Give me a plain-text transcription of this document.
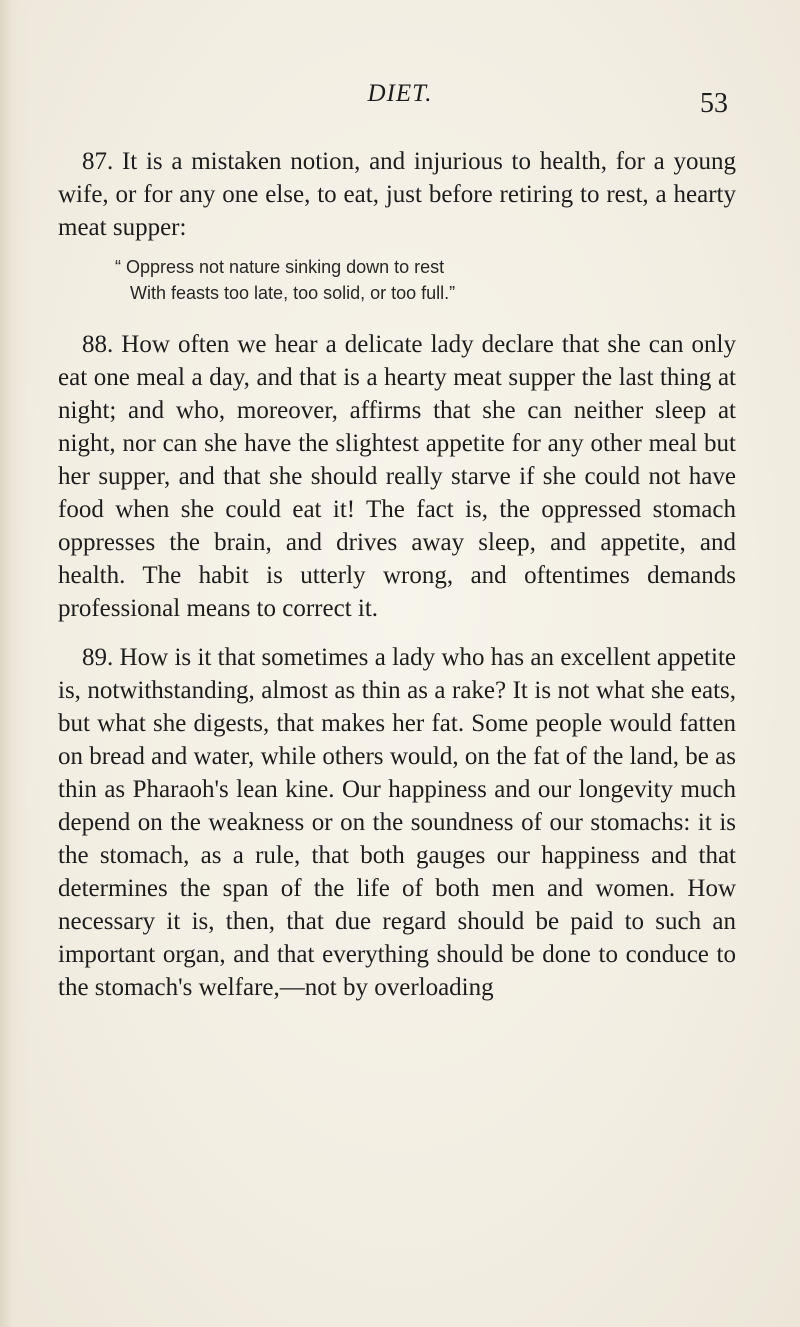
DIET.	53

87. It is a mistaken notion, and injurious to health, for a young wife, or for any one else, to eat, just before retiring to rest, a hearty meat supper:

“ Oppress not nature sinking down to rest
With feasts too late, too solid, or too full.”

88. How often we hear a delicate lady declare that she can only eat one meal a day, and that is a hearty meat supper the last thing at night; and who, moreover, affirms that she can neither sleep at night, nor can she have the slightest appetite for any other meal but her supper, and that she should really starve if she could not have food when she could eat it! The fact is, the oppressed stomach oppresses the brain, and drives away sleep, and appetite, and health. The habit is utterly wrong, and oftentimes demands professional means to correct it.

89. How is it that sometimes a lady who has an excellent appetite is, notwithstanding, almost as thin as a rake? It is not what she eats, but what she digests, that makes her fat. Some people would fatten on bread and water, while others would, on the fat of the land, be as thin as Pharaoh's lean kine. Our happiness and our longevity much depend on the weakness or on the soundness of our stomachs: it is the stomach, as a rule, that both gauges our happiness and that determines the span of the life of both men and women. How necessary it is, then, that due regard should be paid to such an important organ, and that everything should be done to conduce to the stomach's welfare,—not by overloading
